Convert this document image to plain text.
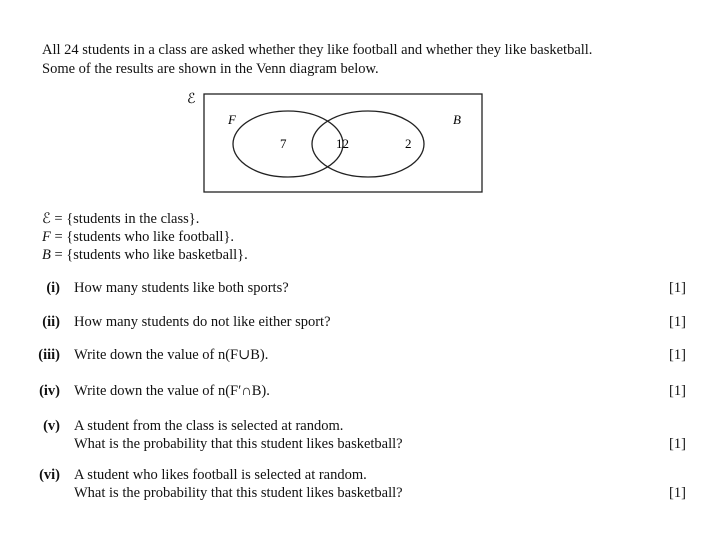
All 24 students in a class are asked whether they like football and whether they like basketball.
Some of the results are shown in the Venn diagram below.
ℰ
F	B
7	12	2
ℰ = {students in the class}.
F = {students who like football}.
B = {students who like basketball}.
(i) How many students like both sports?	[1]
(ii) How many students do not like either sport?	[1]
(iii) Write down the value of n(F∪B).	[1]
(iv) Write down the value of n(F′∩B).	[1]
(v) A student from the class is selected at random.
What is the probability that this student likes basketball?	[1]
(vi) A student who likes football is selected at random.
What is the probability that this student likes basketball?	[1]
